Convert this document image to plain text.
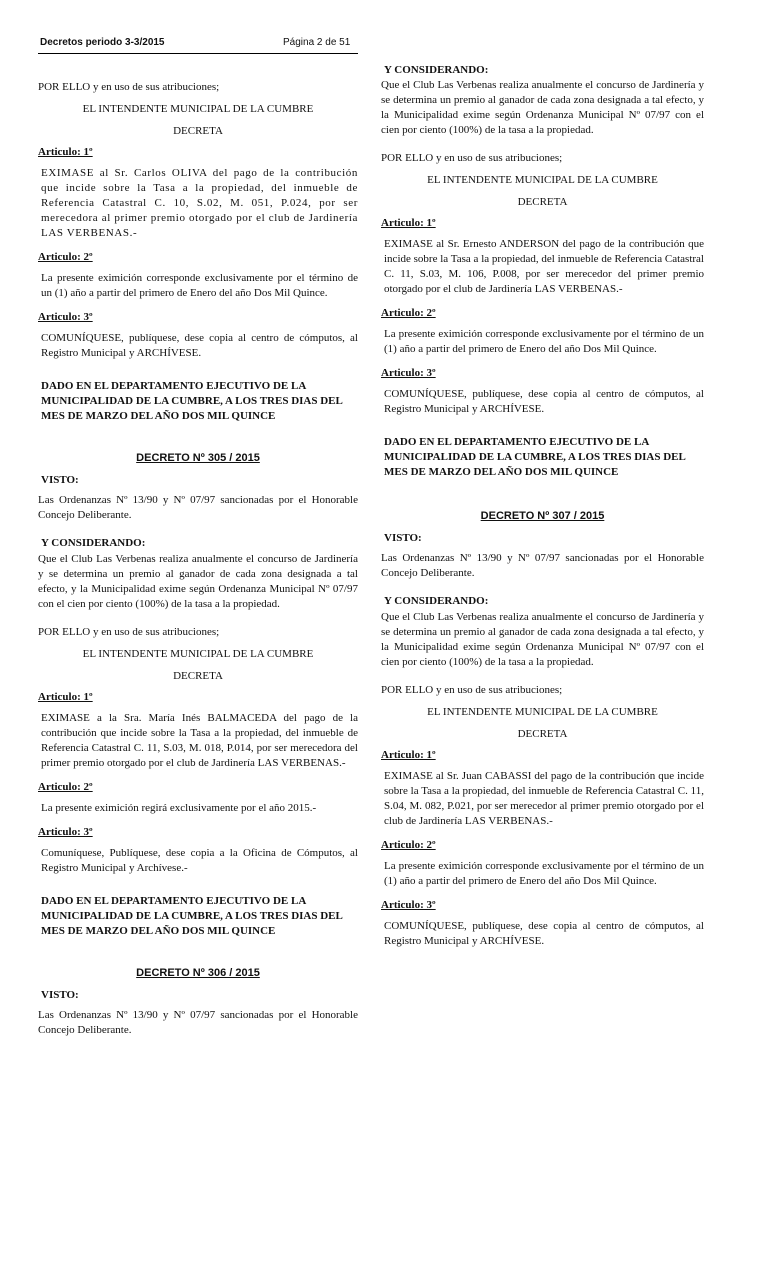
Decretos periodo 3-3/2015	Página 2 de 51

POR ELLO y en uso de sus atribuciones;

EL INTENDENTE MUNICIPAL DE LA CUMBRE

DECRETA

Articulo: 1º

EXIMASE al Sr. Carlos OLIVA del pago de la contribución que incide sobre la Tasa a la propiedad, del inmueble de Referencia Catastral C. 10, S.02, M. 051, P.024, por ser merecedora al primer premio otorgado por el club de Jardinería LAS VERBENAS.-

Articulo: 2º

La presente eximición corresponde exclusivamente por el término de un (1) año a partir del primero de Enero del año Dos Mil Quince.

Articulo: 3º

COMUNÍQUESE, publíquese, dese copia al centro de cómputos, al Registro Municipal y ARCHÍVESE.

DADO EN EL DEPARTAMENTO EJECUTIVO DE LA MUNICIPALIDAD DE LA CUMBRE, A LOS TRES DIAS DEL MES DE MARZO DEL AÑO DOS MIL QUINCE

DECRETO Nº 305 / 2015

VISTO:

Las Ordenanzas Nº 13/90 y Nº 07/97 sancionadas por el Honorable Concejo Deliberante.

Y CONSIDERANDO:

Que el Club Las Verbenas realiza anualmente el concurso de Jardinería y se determina un premio al ganador de cada zona designada a tal efecto, y la Municipalidad exime según Ordenanza Municipal Nº 07/97 con el cien por ciento (100%) de la tasa a la propiedad.

POR ELLO y en uso de sus atribuciones;

EL INTENDENTE MUNICIPAL DE LA CUMBRE

DECRETA

Articulo: 1º

EXIMASE a la Sra. María Inés BALMACEDA del pago de la contribución que incide sobre la Tasa a la propiedad, del inmueble de Referencia Catastral C. 11, S.03, M. 018, P.014, por ser merecedora del primer premio otorgado por el club de Jardinería LAS VERBENAS.-

Articulo: 2º

La presente eximición regirá exclusivamente por el año 2015.-

Articulo: 3º

Comuníquese, Publíquese, dese copia a la Oficina de Cómputos, al Registro Municipal y Archívese.-

DADO EN EL DEPARTAMENTO EJECUTIVO DE LA MUNICIPALIDAD DE LA CUMBRE, A LOS TRES DIAS DEL MES DE MARZO DEL AÑO DOS MIL QUINCE

DECRETO Nº 306 / 2015

VISTO:

Las Ordenanzas Nº 13/90 y Nº 07/97 sancionadas por el Honorable Concejo Deliberante.

Y CONSIDERANDO:

Que el Club Las Verbenas realiza anualmente el concurso de Jardinería y se determina un premio al ganador de cada zona designada a tal efecto, y la Municipalidad exime según Ordenanza Municipal Nº 07/97 con el cien por ciento (100%) de la tasa a la propiedad.

POR ELLO y en uso de sus atribuciones;

EL INTENDENTE MUNICIPAL DE LA CUMBRE

DECRETA

Articulo: 1º

EXIMASE al Sr. Ernesto ANDERSON del pago de la contribución que incide sobre la Tasa a la propiedad, del inmueble de Referencia Catastral C. 11, S.03, M. 106, P.008, por ser merecedor del primer premio otorgado por el club de Jardinería LAS VERBENAS.-

Articulo: 2º

La presente eximición corresponde exclusivamente por el término de un (1) año a partir del primero de Enero del año Dos Mil Quince.

Articulo: 3º

COMUNÍQUESE, publíquese, dese copia al centro de cómputos, al Registro Municipal y ARCHÍVESE.

DADO EN EL DEPARTAMENTO EJECUTIVO DE LA MUNICIPALIDAD DE LA CUMBRE, A LOS TRES DIAS DEL MES DE MARZO DEL AÑO DOS MIL QUINCE

DECRETO Nº 307 / 2015

VISTO:

Las Ordenanzas Nº 13/90 y Nº 07/97 sancionadas por el Honorable Concejo Deliberante.

Y CONSIDERANDO:

Que el Club Las Verbenas realiza anualmente el concurso de Jardinería y se determina un premio al ganador de cada zona designada a tal efecto, y la Municipalidad exime según Ordenanza Municipal Nº 07/97 con el cien por ciento (100%) de la tasa a la propiedad.

POR ELLO y en uso de sus atribuciones;

EL INTENDENTE MUNICIPAL DE LA CUMBRE

DECRETA

Articulo: 1º

EXIMASE al Sr. Juan CABASSI del pago de la contribución que incide sobre la Tasa a la propiedad, del inmueble de Referencia Catastral C. 11, S.04, M. 082, P.021, por ser merecedor al primer premio otorgado por el club de Jardinería LAS VERBENAS.-

Articulo: 2º

La presente eximición corresponde exclusivamente por el término de un (1) año a partir del primero de Enero del año Dos Mil Quince.

Articulo: 3º

COMUNÍQUESE, publíquese, dese copia al centro de cómputos, al Registro Municipal y ARCHÍVESE.
